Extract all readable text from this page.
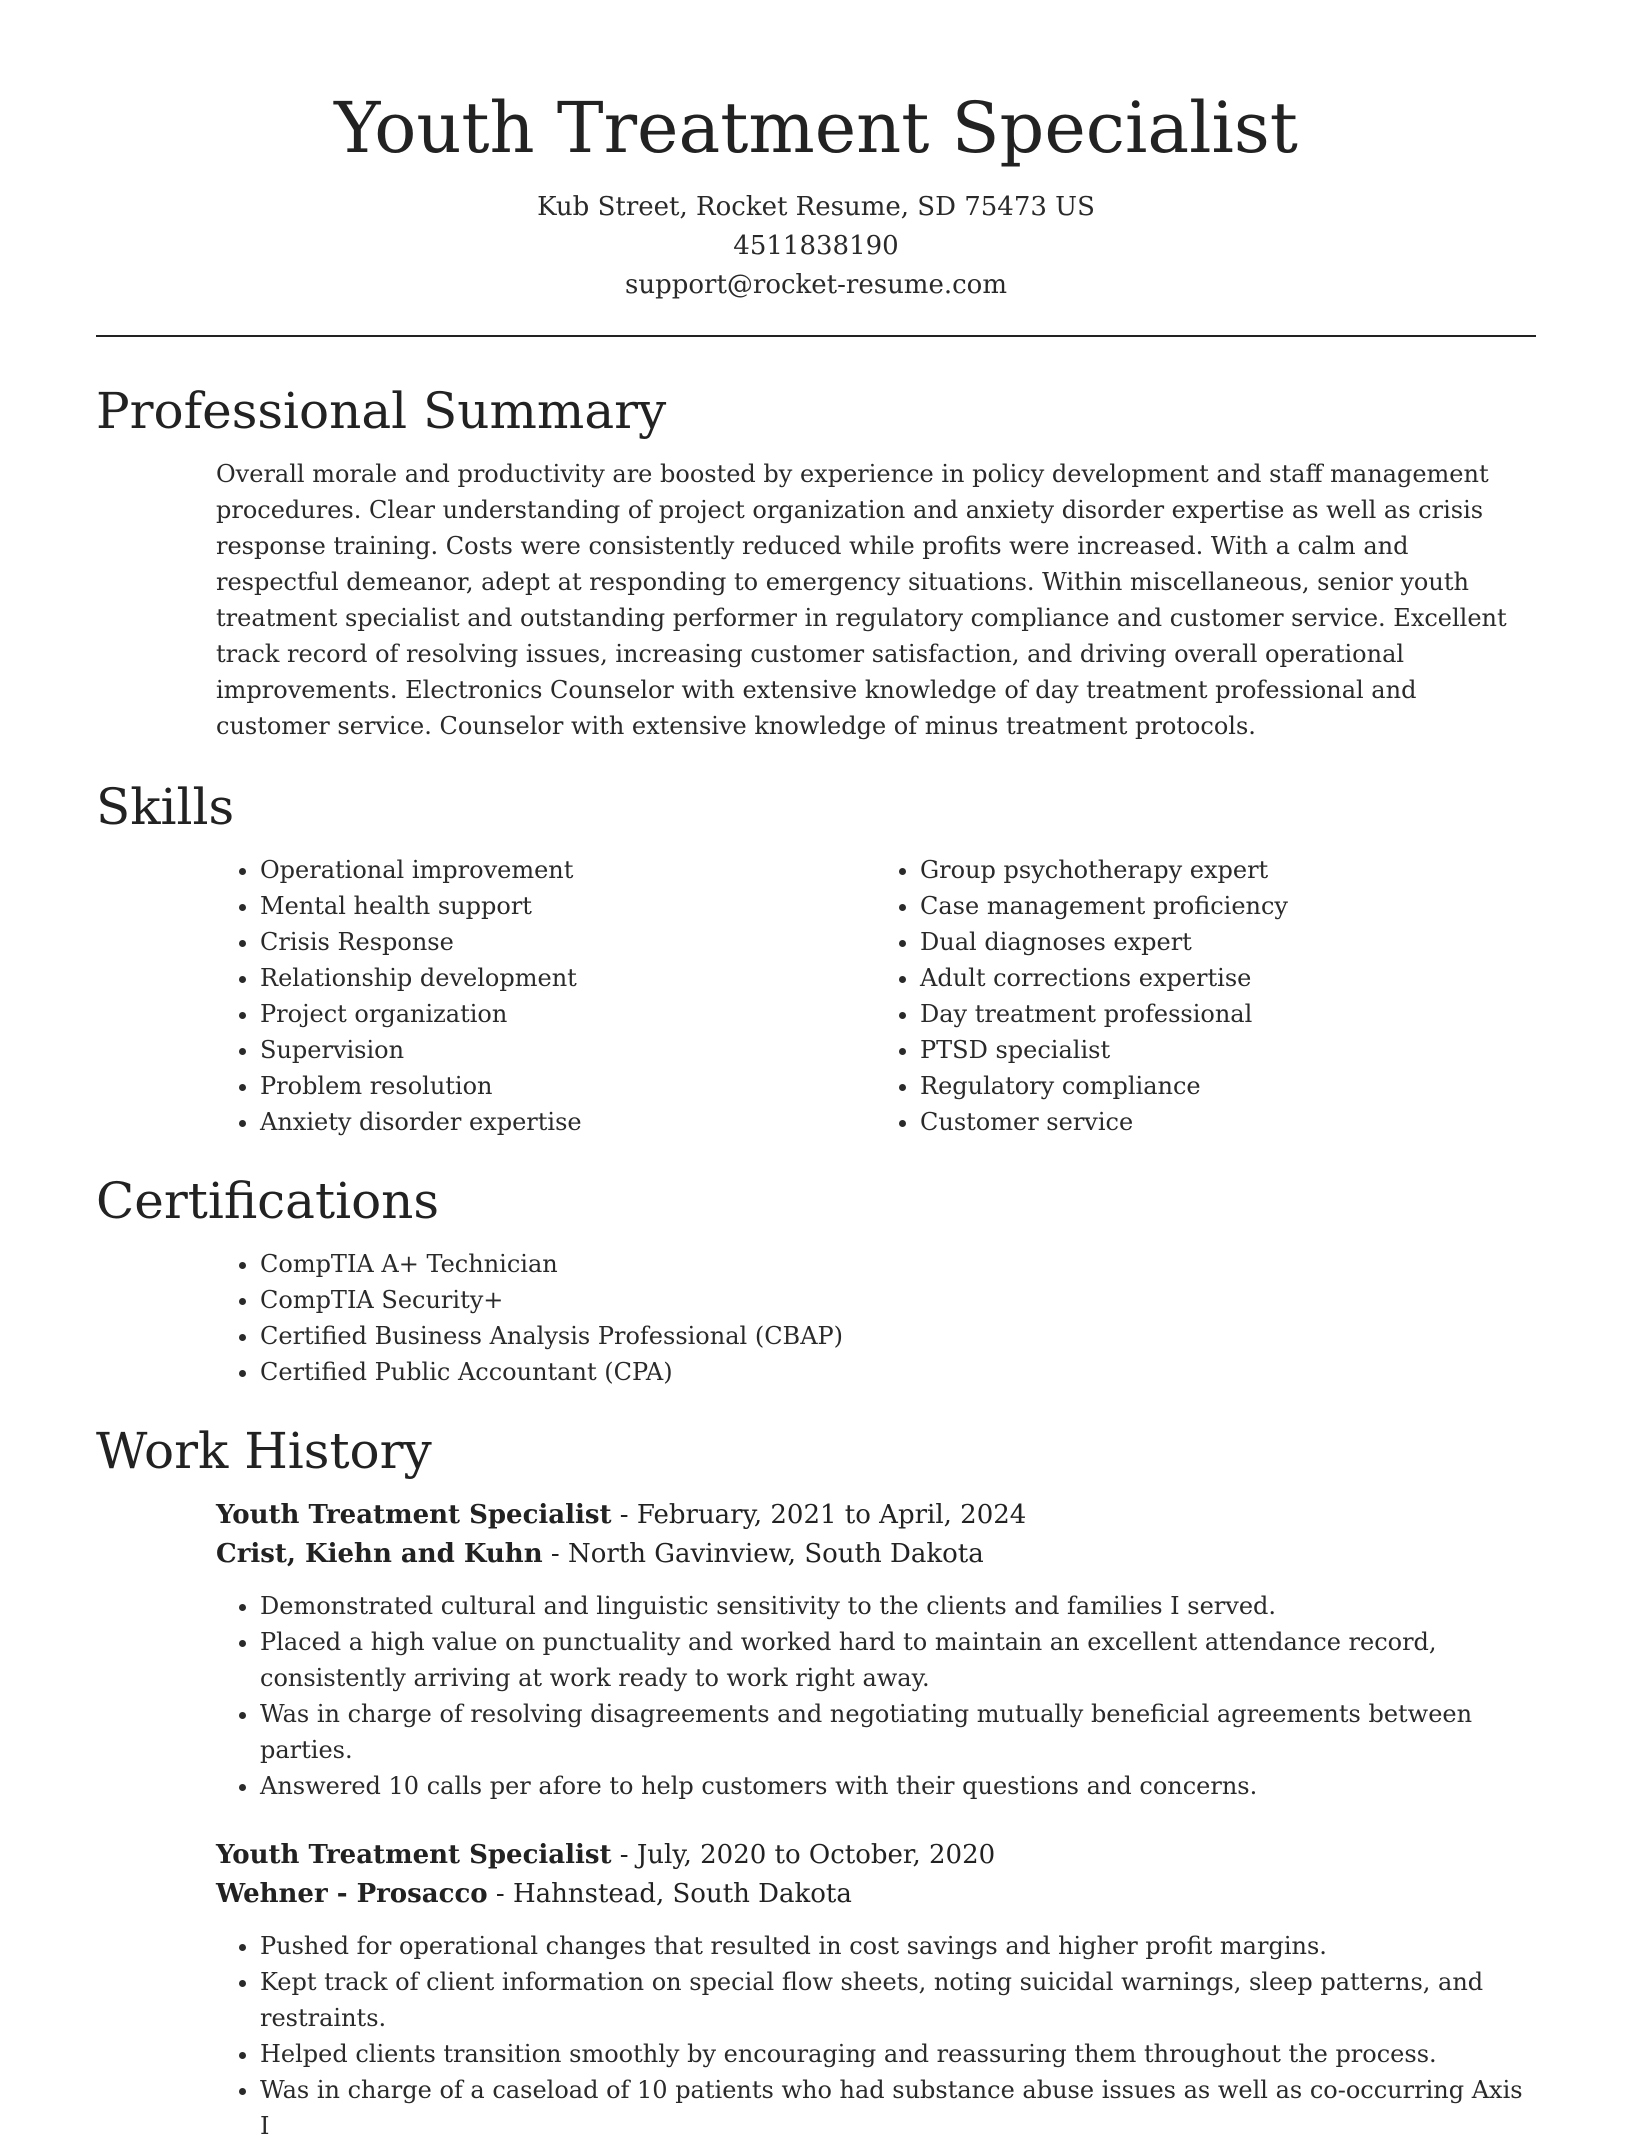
Youth Treatment Specialist
Kub Street, Rocket Resume, SD 75473 US
4511838190
support@rocket-resume.com
Professional Summary

Overall morale and productivity are boosted by experience in policy development and staff management procedures. Clear understanding of project organization and anxiety disorder expertise as well as crisis response training. Costs were consistently reduced while profits were increased. With a calm and respectful demeanor, adept at responding to emergency situations. Within miscellaneous, senior youth treatment specialist and outstanding performer in regulatory compliance and customer service. Excellent track record of resolving issues, increasing customer satisfaction, and driving overall operational improvements. Electronics Counselor with extensive knowledge of day treatment professional and customer service. Counselor with extensive knowledge of minus treatment protocols.

Skills
• Operational improvement
• Mental health support
• Crisis Response
• Relationship development
• Project organization
• Supervision
• Problem resolution
• Anxiety disorder expertise
• Group psychotherapy expert
• Case management proficiency
• Dual diagnoses expert
• Adult corrections expertise
• Day treatment professional
• PTSD specialist
• Regulatory compliance
• Customer service
Certifications
• CompTIA A+ Technician
• CompTIA Security+
• Certified Business Analysis Professional (CBAP)
• Certified Public Accountant (CPA)
Work History
Youth Treatment Specialist - February, 2021 to April, 2024
Crist, Kiehn and Kuhn - North Gavinview, South Dakota
• Demonstrated cultural and linguistic sensitivity to the clients and families I served.
• Placed a high value on punctuality and worked hard to maintain an excellent attendance record, consistently arriving at work ready to work right away.
• Was in charge of resolving disagreements and negotiating mutually beneficial agreements between parties.
• Answered 10 calls per afore to help customers with their questions and concerns.
Youth Treatment Specialist - July, 2020 to October, 2020
Wehner - Prosacco - Hahnstead, South Dakota
• Pushed for operational changes that resulted in cost savings and higher profit margins.
• Kept track of client information on special flow sheets, noting suicidal warnings, sleep patterns, and restraints.
• Helped clients transition smoothly by encouraging and reassuring them throughout the process.
• Was in charge of a caseload of 10 patients who had substance abuse issues as well as co-occurring Axis I
